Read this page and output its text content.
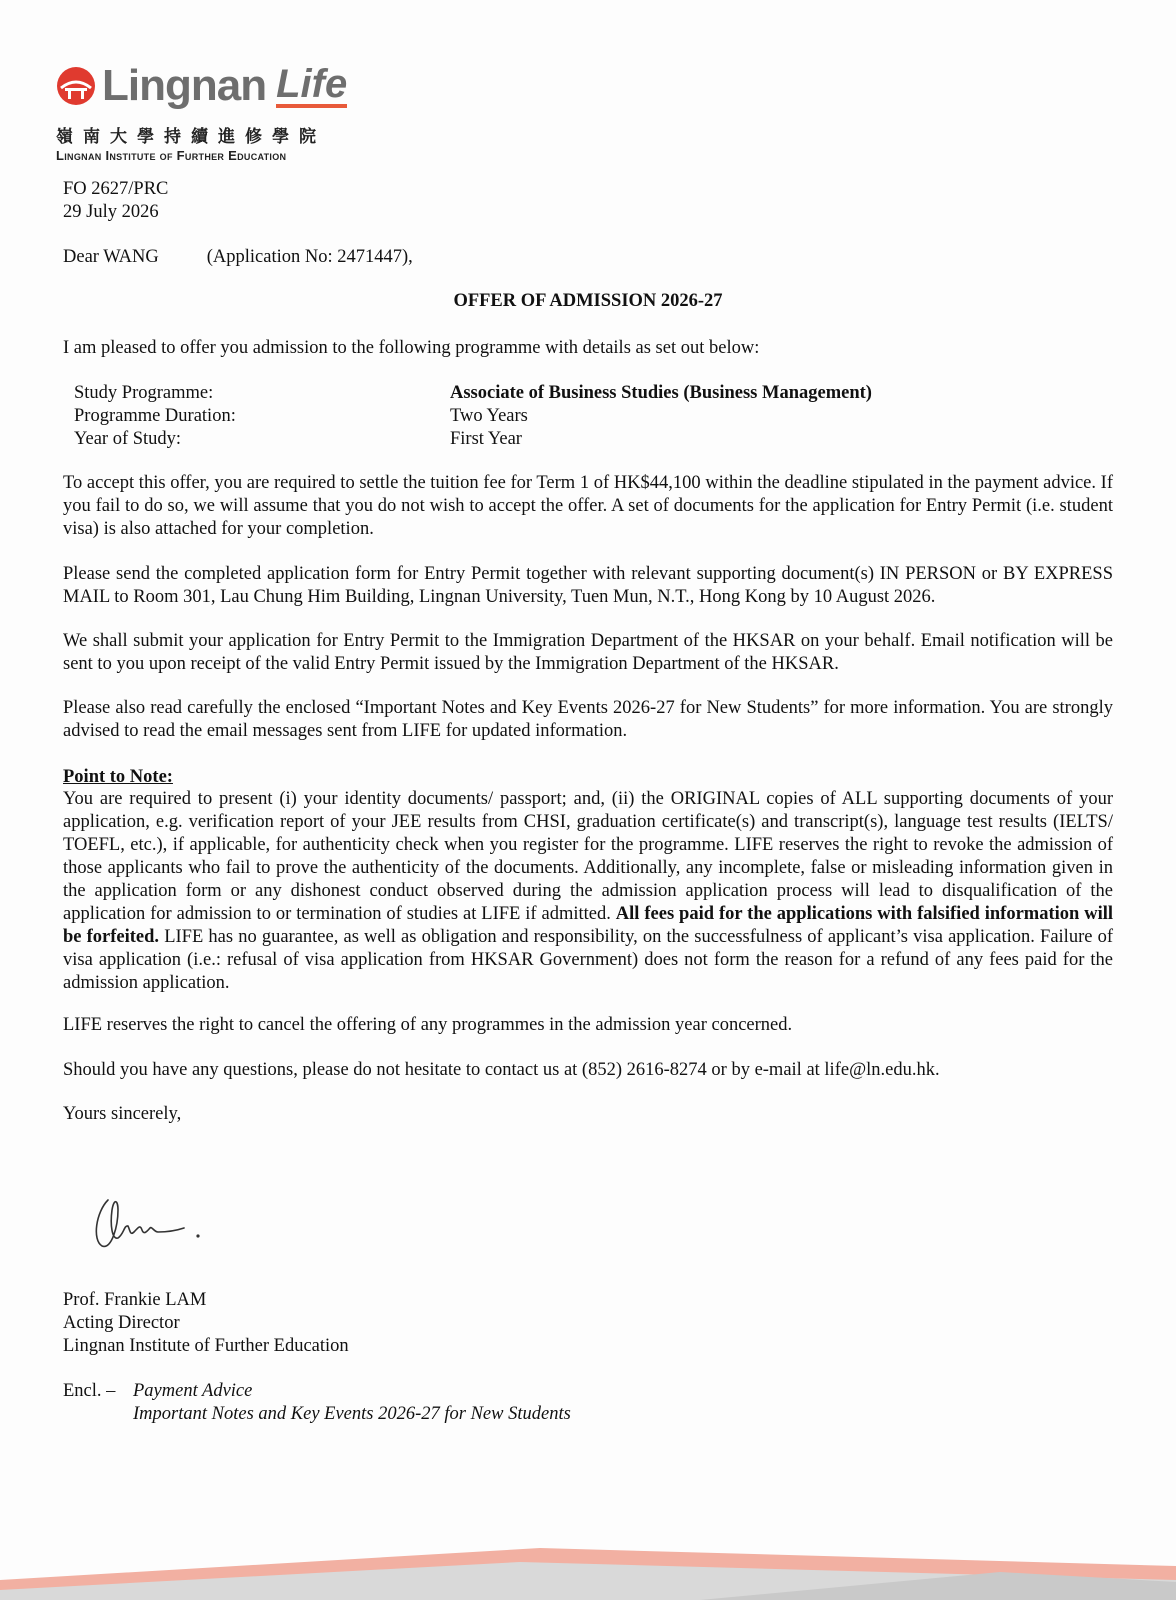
Lingnan Life
嶺南大學持續進修學院
Lingnan Institute of Further Education
FO 2627/PRC
29 July 2026
Dear WANG	(Application No: 2471447),
OFFER OF ADMISSION 2026-27
I am pleased to offer you admission to the following programme with details as set out below:
Study Programme:	Associate of Business Studies (Business Management)
Programme Duration:	Two Years
Year of Study:	First Year
To accept this offer, you are required to settle the tuition fee for Term 1 of HK$44,100 within the deadline stipulated in the payment advice. If you fail to do so, we will assume that you do not wish to accept the offer. A set of documents for the application for Entry Permit (i.e. student visa) is also attached for your completion.
Please send the completed application form for Entry Permit together with relevant supporting document(s) IN PERSON or BY EXPRESS MAIL to Room 301, Lau Chung Him Building, Lingnan University, Tuen Mun, N.T., Hong Kong by 10 August 2026.
We shall submit your application for Entry Permit to the Immigration Department of the HKSAR on your behalf. Email notification will be sent to you upon receipt of the valid Entry Permit issued by the Immigration Department of the HKSAR.
Please also read carefully the enclosed “Important Notes and Key Events 2026-27 for New Students” for more information. You are strongly advised to read the email messages sent from LIFE for updated information.
Point to Note:
You are required to present (i) your identity documents/ passport; and, (ii) the ORIGINAL copies of ALL supporting documents of your application, e.g. verification report of your JEE results from CHSI, graduation certificate(s) and transcript(s), language test results (IELTS/ TOEFL, etc.), if applicable, for authenticity check when you register for the programme. LIFE reserves the right to revoke the admission of those applicants who fail to prove the authenticity of the documents. Additionally, any incomplete, false or misleading information given in the application form or any dishonest conduct observed during the admission application process will lead to disqualification of the application for admission to or termination of studies at LIFE if admitted. All fees paid for the applications with falsified information will be forfeited. LIFE has no guarantee, as well as obligation and responsibility, on the successfulness of applicant’s visa application. Failure of visa application (i.e.: refusal of visa application from HKSAR Government) does not form the reason for a refund of any fees paid for the admission application.
LIFE reserves the right to cancel the offering of any programmes in the admission year concerned.
Should you have any questions, please do not hesitate to contact us at (852) 2616-8274 or by e-mail at life@ln.edu.hk.
Yours sincerely,
Prof. Frankie LAM
Acting Director
Lingnan Institute of Further Education
Encl. – Payment Advice
Important Notes and Key Events 2026-27 for New Students
